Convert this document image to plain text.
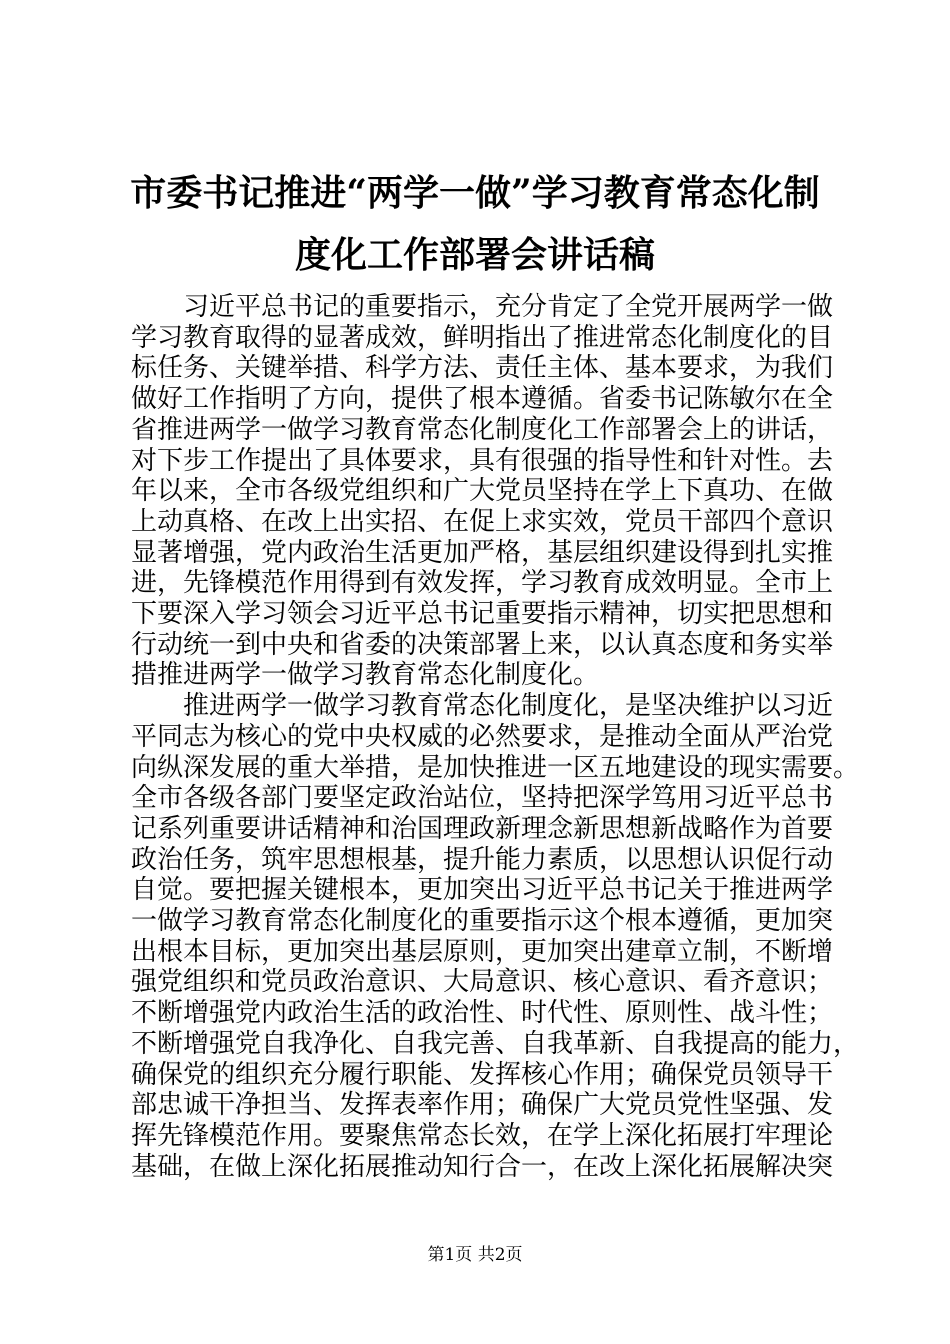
市委书记推进“两学一做”学习教育常态化制
度化工作部署会讲话稿
习近平总书记的重要指示，充分肯定了全党开展两学一做
学习教育取得的显著成效，鲜明指出了推进常态化制度化的目
标任务、关键举措、科学方法、责任主体、基本要求，为我们
做好工作指明了方向，提供了根本遵循。省委书记陈敏尔在全
省推进两学一做学习教育常态化制度化工作部署会上的讲话，
对下步工作提出了具体要求，具有很强的指导性和针对性。去
年以来，全市各级党组织和广大党员坚持在学上下真功、在做
上动真格、在改上出实招、在促上求实效，党员干部四个意识
显著增强，党内政治生活更加严格，基层组织建设得到扎实推
进，先锋模范作用得到有效发挥，学习教育成效明显。全市上
下要深入学习领会习近平总书记重要指示精神，切实把思想和
行动统一到中央和省委的决策部署上来，以认真态度和务实举
措推进两学一做学习教育常态化制度化。
推进两学一做学习教育常态化制度化，是坚决维护以习近
平同志为核心的党中央权威的必然要求，是推动全面从严治党
向纵深发展的重大举措，是加快推进一区五地建设的现实需要。
全市各级各部门要坚定政治站位，坚持把深学笃用习近平总书
记系列重要讲话精神和治国理政新理念新思想新战略作为首要
政治任务，筑牢思想根基，提升能力素质，以思想认识促行动
自觉。要把握关键根本，更加突出习近平总书记关于推进两学
一做学习教育常态化制度化的重要指示这个根本遵循，更加突
出根本目标，更加突出基层原则，更加突出建章立制，不断增
强党组织和党员政治意识、大局意识、核心意识、看齐意识；
不断增强党内政治生活的政治性、时代性、原则性、战斗性；
不断增强党自我净化、自我完善、自我革新、自我提高的能力，
确保党的组织充分履行职能、发挥核心作用；确保党员领导干
部忠诚干净担当、发挥表率作用；确保广大党员党性坚强、发
挥先锋模范作用。要聚焦常态长效，在学上深化拓展打牢理论
基础，在做上深化拓展推动知行合一，在改上深化拓展解决突
第1页 共2页
